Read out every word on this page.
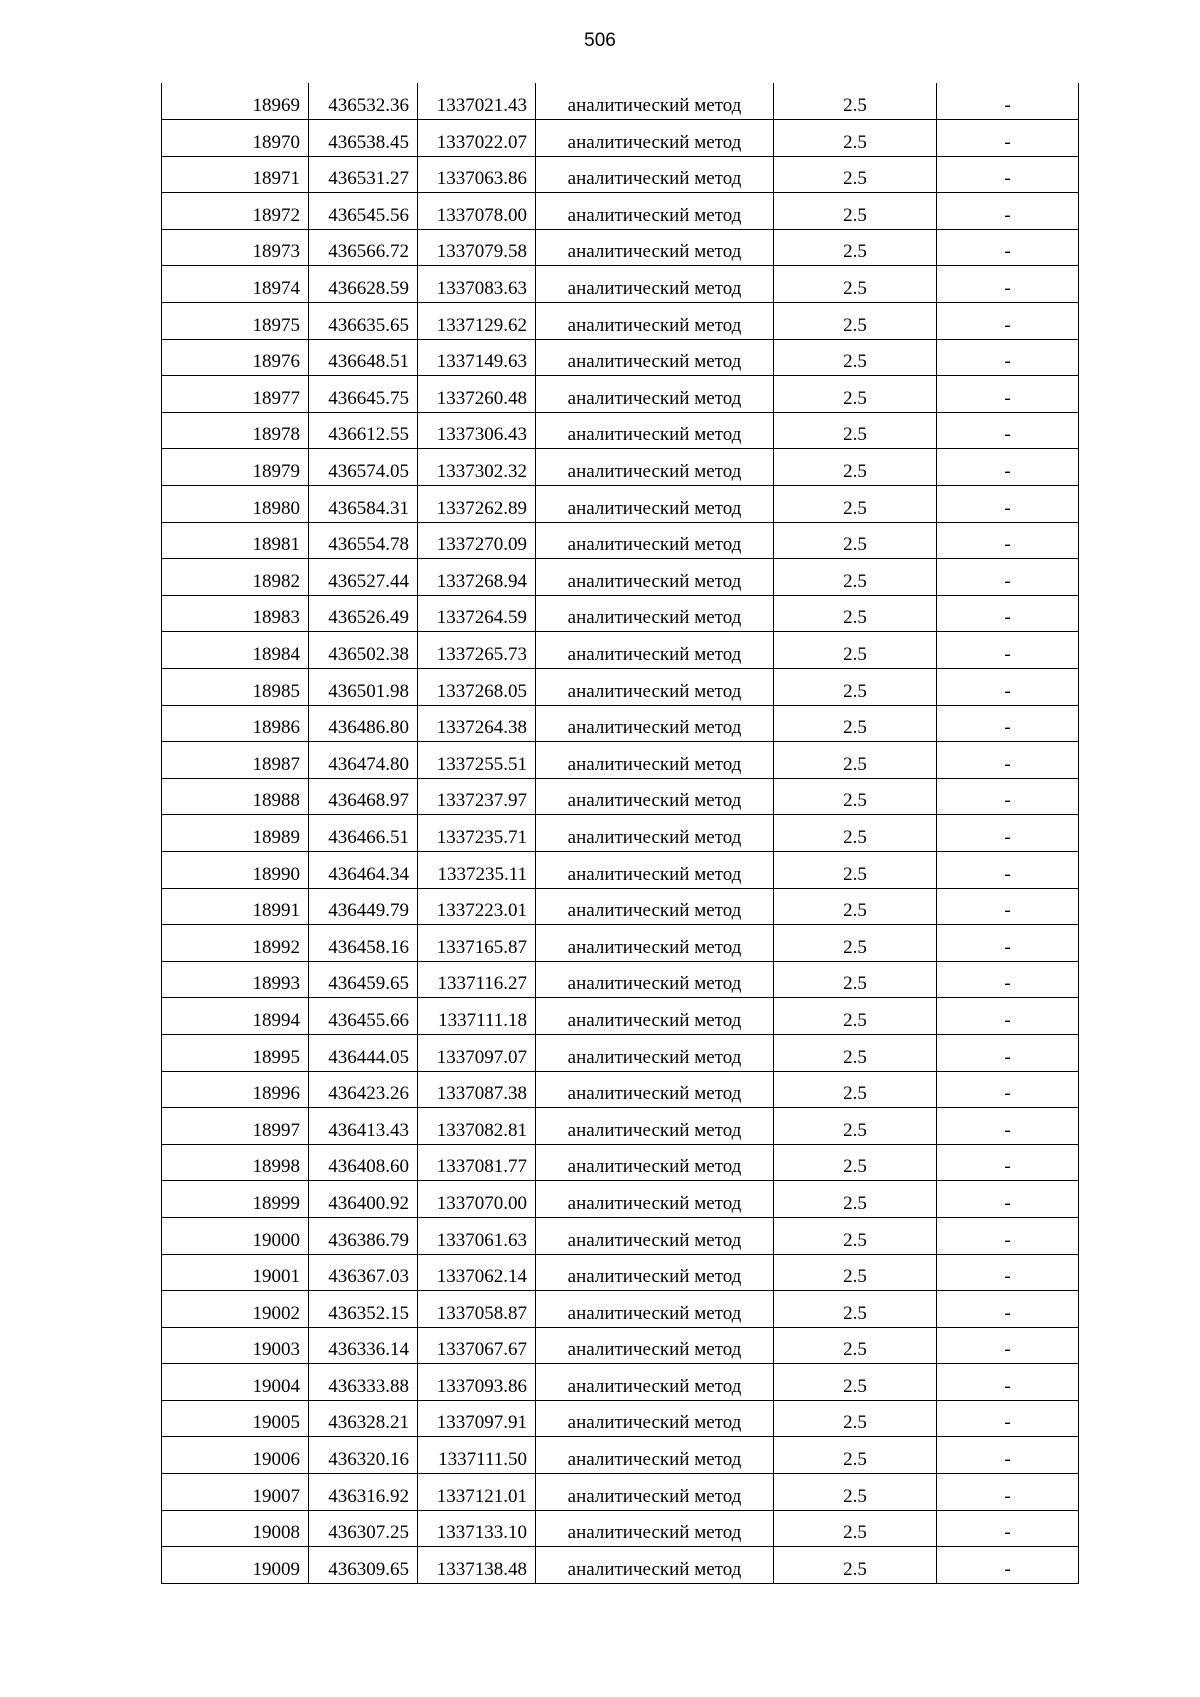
506
18969	436532.36	1337021.43	аналитический метод	2.5	-
18970	436538.45	1337022.07	аналитический метод	2.5	-
18971	436531.27	1337063.86	аналитический метод	2.5	-
18972	436545.56	1337078.00	аналитический метод	2.5	-
18973	436566.72	1337079.58	аналитический метод	2.5	-
18974	436628.59	1337083.63	аналитический метод	2.5	-
18975	436635.65	1337129.62	аналитический метод	2.5	-
18976	436648.51	1337149.63	аналитический метод	2.5	-
18977	436645.75	1337260.48	аналитический метод	2.5	-
18978	436612.55	1337306.43	аналитический метод	2.5	-
18979	436574.05	1337302.32	аналитический метод	2.5	-
18980	436584.31	1337262.89	аналитический метод	2.5	-
18981	436554.78	1337270.09	аналитический метод	2.5	-
18982	436527.44	1337268.94	аналитический метод	2.5	-
18983	436526.49	1337264.59	аналитический метод	2.5	-
18984	436502.38	1337265.73	аналитический метод	2.5	-
18985	436501.98	1337268.05	аналитический метод	2.5	-
18986	436486.80	1337264.38	аналитический метод	2.5	-
18987	436474.80	1337255.51	аналитический метод	2.5	-
18988	436468.97	1337237.97	аналитический метод	2.5	-
18989	436466.51	1337235.71	аналитический метод	2.5	-
18990	436464.34	1337235.11	аналитический метод	2.5	-
18991	436449.79	1337223.01	аналитический метод	2.5	-
18992	436458.16	1337165.87	аналитический метод	2.5	-
18993	436459.65	1337116.27	аналитический метод	2.5	-
18994	436455.66	1337111.18	аналитический метод	2.5	-
18995	436444.05	1337097.07	аналитический метод	2.5	-
18996	436423.26	1337087.38	аналитический метод	2.5	-
18997	436413.43	1337082.81	аналитический метод	2.5	-
18998	436408.60	1337081.77	аналитический метод	2.5	-
18999	436400.92	1337070.00	аналитический метод	2.5	-
19000	436386.79	1337061.63	аналитический метод	2.5	-
19001	436367.03	1337062.14	аналитический метод	2.5	-
19002	436352.15	1337058.87	аналитический метод	2.5	-
19003	436336.14	1337067.67	аналитический метод	2.5	-
19004	436333.88	1337093.86	аналитический метод	2.5	-
19005	436328.21	1337097.91	аналитический метод	2.5	-
19006	436320.16	1337111.50	аналитический метод	2.5	-
19007	436316.92	1337121.01	аналитический метод	2.5	-
19008	436307.25	1337133.10	аналитический метод	2.5	-
19009	436309.65	1337138.48	аналитический метод	2.5	-
